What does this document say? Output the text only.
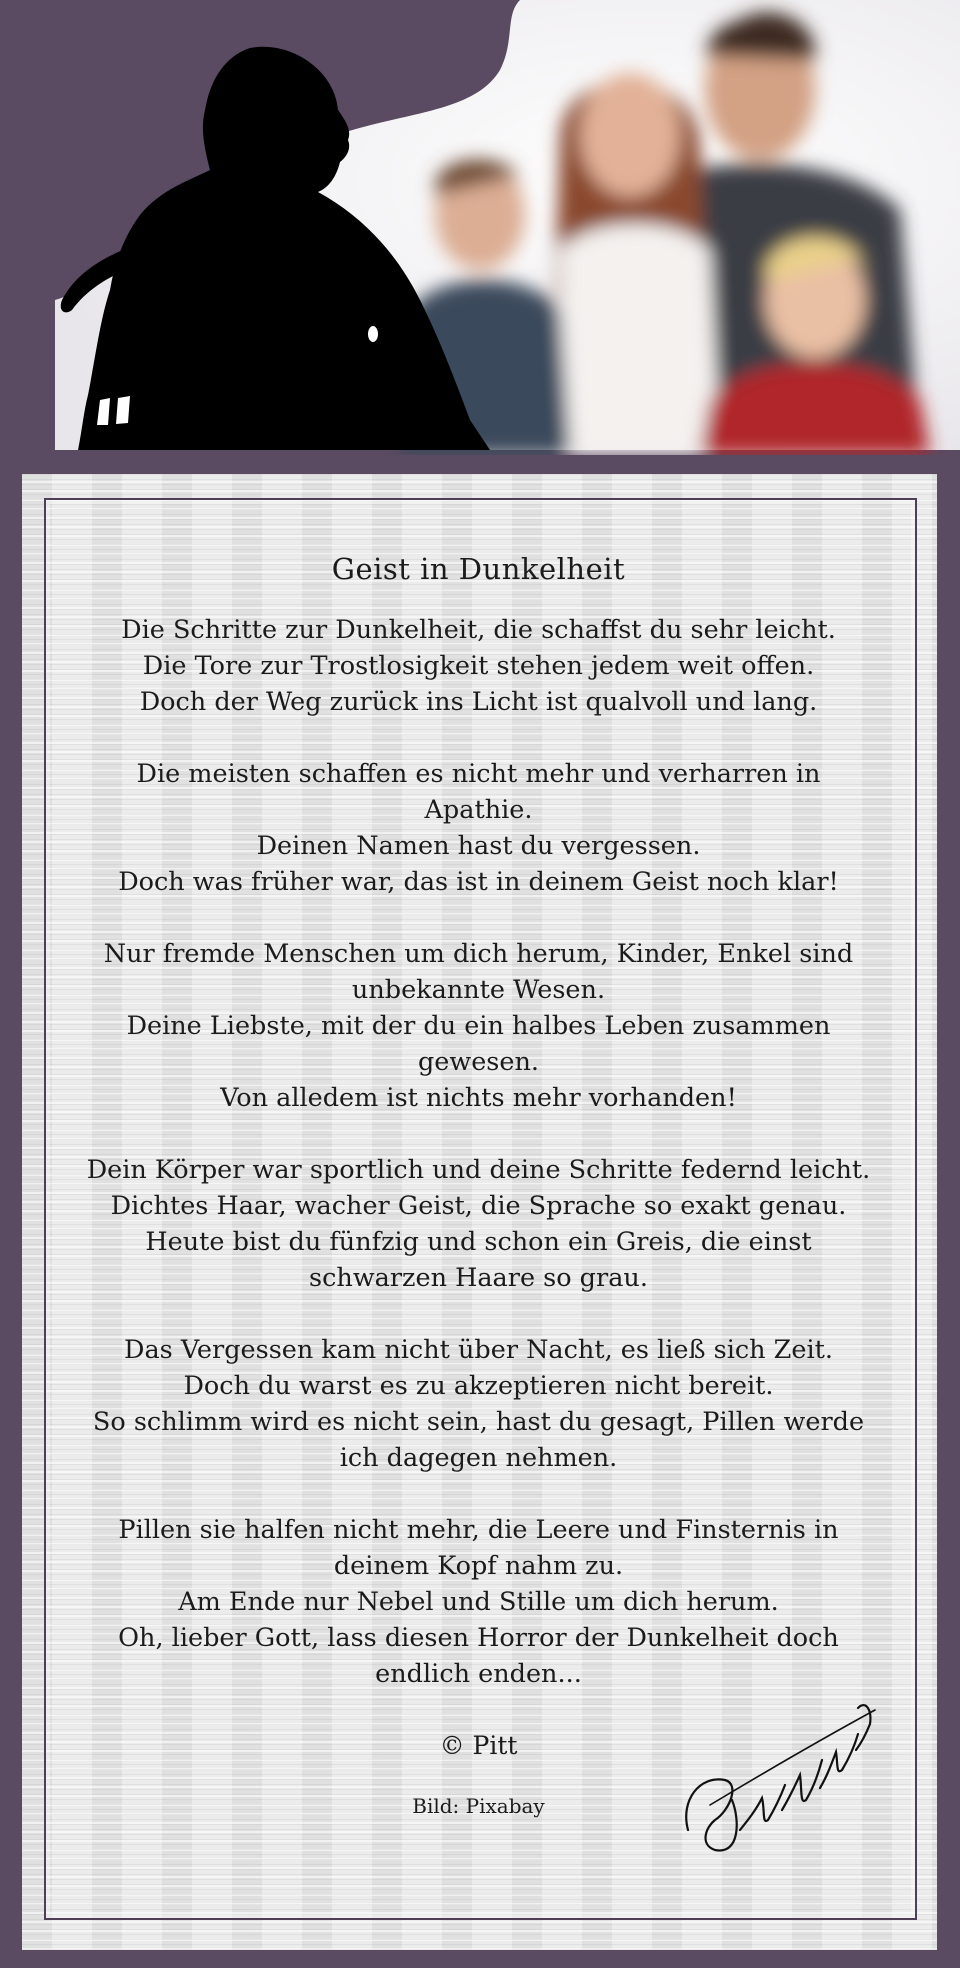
Geist in Dunkelheit
Die Schritte zur Dunkelheit, die schaffst du sehr leicht.
Die Tore zur Trostlosigkeit stehen jedem weit offen.
Doch der Weg zurück ins Licht ist qualvoll und lang.
Die meisten schaffen es nicht mehr und verharren in Apathie.
Deinen Namen hast du vergessen.
Doch was früher war, das ist in deinem Geist noch klar!
Nur fremde Menschen um dich herum, Kinder, Enkel sind unbekannte Wesen.
Deine Liebste, mit der du ein halbes Leben zusammen gewesen.
Von alledem ist nichts mehr vorhanden!
Dein Körper war sportlich und deine Schritte federnd leicht.
Dichtes Haar, wacher Geist, die Sprache so exakt genau.
Heute bist du fünfzig und schon ein Greis, die einst schwarzen Haare so grau.
Das Vergessen kam nicht über Nacht, es ließ sich Zeit.
Doch du warst es zu akzeptieren nicht bereit.
So schlimm wird es nicht sein, hast du gesagt, Pillen werde ich dagegen nehmen.
Pillen sie halfen nicht mehr, die Leere und Finsternis in deinem Kopf nahm zu.
Am Ende nur Nebel und Stille um dich herum.
Oh, lieber Gott, lass diesen Horror der Dunkelheit doch endlich enden...
© Pitt
Bild: Pixabay
